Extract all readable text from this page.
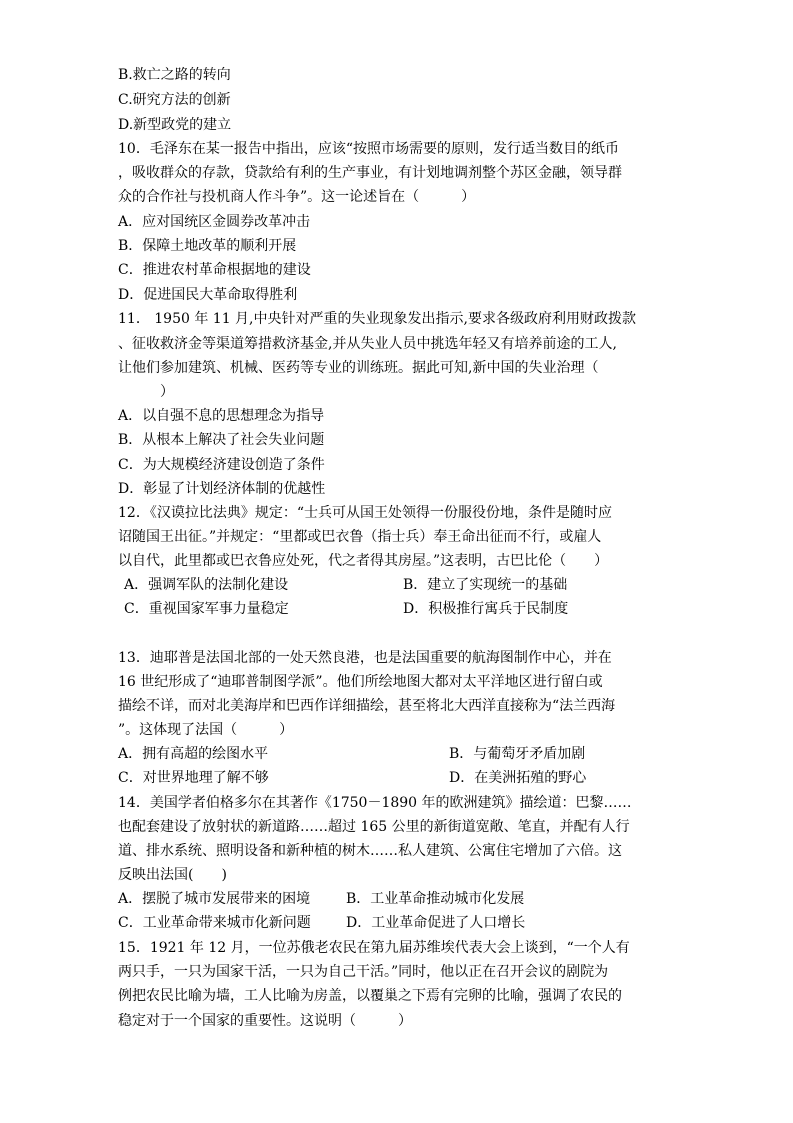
B.救亡之路的转向
C.研究方法的创新
D.新型政党的建立
10．毛泽东在某一报告中指出，应该“按照市场需要的原则，发行适当数目的纸币
，吸收群众的存款，贷款给有利的生产事业，有计划地调剂整个苏区金融，领导群
众的合作社与投机商人作斗争”。这一论述旨在（　　　）
A．应对国统区金圆券改革冲击
B．保障土地改革的顺利开展
C．推进农村革命根据地的建设
D．促进国民大革命取得胜利
11． 1950 年 11 月,中央针对严重的失业现象发出指示,要求各级政府利用财政拨款
、征收救济金等渠道筹措救济基金,并从失业人员中挑选年轻又有培养前途的工人,
让他们参加建筑、机械、医药等专业的训练班。据此可知,新中国的失业治理（
　　　）
A．以自强不息的思想理念为指导
B．从根本上解决了社会失业问题
C．为大规模经济建设创造了条件
D．彰显了计划经济体制的优越性
12．《汉谟拉比法典》规定：“士兵可从国王处领得一份服役份地，条件是随时应
诏随国王出征。”并规定：“里都或巴衣鲁（指士兵）奉王命出征而不行，或雇人
以自代，此里都或巴衣鲁应处死，代之者得其房屋。”这表明，古巴比伦（　　）
A．强调军队的法制化建设	B．建立了实现统一的基础
C．重视国家军事力量稳定	D．积极推行寓兵于民制度
13．迪耶普是法国北部的一处天然良港，也是法国重要的航海图制作中心，并在
16 世纪形成了“迪耶普制图学派”。他们所绘地图大都对太平洋地区进行留白或
描绘不详，而对北美海岸和巴西作详细描绘，甚至将北大西洋直接称为“法兰西海
”。这体现了法国（　　　）
A．拥有高超的绘图水平	B．与葡萄牙矛盾加剧
C．对世界地理了解不够	D．在美洲拓殖的野心
14．美国学者伯格多尔在其著作《1750－1890 年的欧洲建筑》描绘道：巴黎……
也配套建设了放射状的新道路……超过 165 公里的新街道宽敞、笔直，并配有人行
道、排水系统、照明设备和新种植的树木……私人建筑、公寓住宅增加了六倍。这
反映出法国(　　)
A．摆脱了城市发展带来的困境	B．工业革命推动城市化发展
C．工业革命带来城市化新问题	D．工业革命促进了人口增长
15．1921 年 12 月，一位苏俄老农民在第九届苏维埃代表大会上谈到，“一个人有
两只手，一只为国家干活，一只为自己干活。”同时，他以正在召开会议的剧院为
例把农民比喻为墙，工人比喻为房盖，以覆巢之下焉有完卵的比喻，强调了农民的
稳定对于一个国家的重要性。这说明（　　　）
